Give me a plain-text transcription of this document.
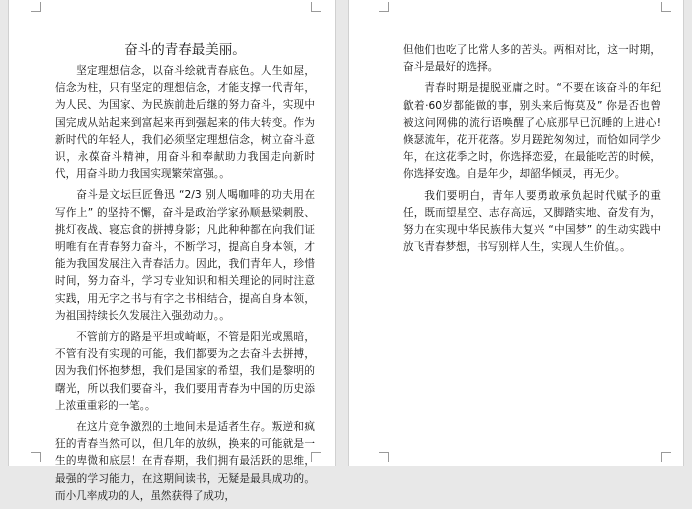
奋斗的青春最美丽。

坚定理想信念，以奋斗绘就青春底色。人生如屋，信念为柱，只有坚定的理想信念，才能支撑一代青年，为人民、为国家、为民族前赴后继的努力奋斗，实现中国完成从站起来到富起来再到强起来的伟大转变。作为新时代的年轻人，我们必须坚定理想信念，树立奋斗意识，永葆奋斗精神，用奋斗和奉献助力我国走向新时代，用奋斗助力我国实现繁荣富强。。

奋斗是文坛巨匠鲁迅 “2/3 别人喝咖啡的功夫用在写作上” 的坚持不懈，奋斗是政治学家孙顺悬梁刺股、挑灯夜战、寝忘食的拼搏身影；凡此种种都在向我们证明唯有在青春努力奋斗，不断学习，提高自身本领，才能为我国发展注入青春活力。因此，我们青年人，珍惜时间，努力奋斗，学习专业知识和相关理论的同时注意实践，用无字之书与有字之书相结合，提高自身本领，为祖国持续长久发展注入强劲动力。。

不管前方的路是平坦或崎岖，不管是阳光或黑暗，不管有没有实现的可能，我们都要为之去奋斗去拼搏，因为我们怀抱梦想，我们是国家的希望，我们是黎明的曙光，所以我们要奋斗，我们要用青春为中国的历史添上浓重重彩的一笔。。

在这片竞争激烈的土地间未是适者生存。叛逆和疯狂的青春当然可以，但几年的放纵，换来的可能就是一生的卑微和底层！在青春期，我们拥有最活跃的思维，最强的学习能力，在这期间读书，无疑是最具成功的。而小几率成功的人，虽然获得了成功，

但他们也吃了比常人多的苦头。两相对比，这一时期，奋斗是最好的选择。

青春时期是提脱亚庸之时。“不要在该奋斗的年纪歙着·60岁都能做的事，别头来后悔莫及” 你是否也曾被这问网佛的流行语唤醒了心底那早已沉睡的上进心!倏瑟流年，花开花落。岁月蹉跎匆匆过，而恰如同学少年，在这花季之时，你选择恋爱，在最能吃苦的时候，你选择安逸。自是年少，却韶华倾灵，再无少。

我们要明白，青年人要勇敢承负起时代赋予的重任，既而望星空、志存高远，又脚踏实地、奋发有为，努力在实现中华民族伟大复兴 “中国梦” 的生动实践中放飞青春梦想，书写别样人生，实现人生价值。。
